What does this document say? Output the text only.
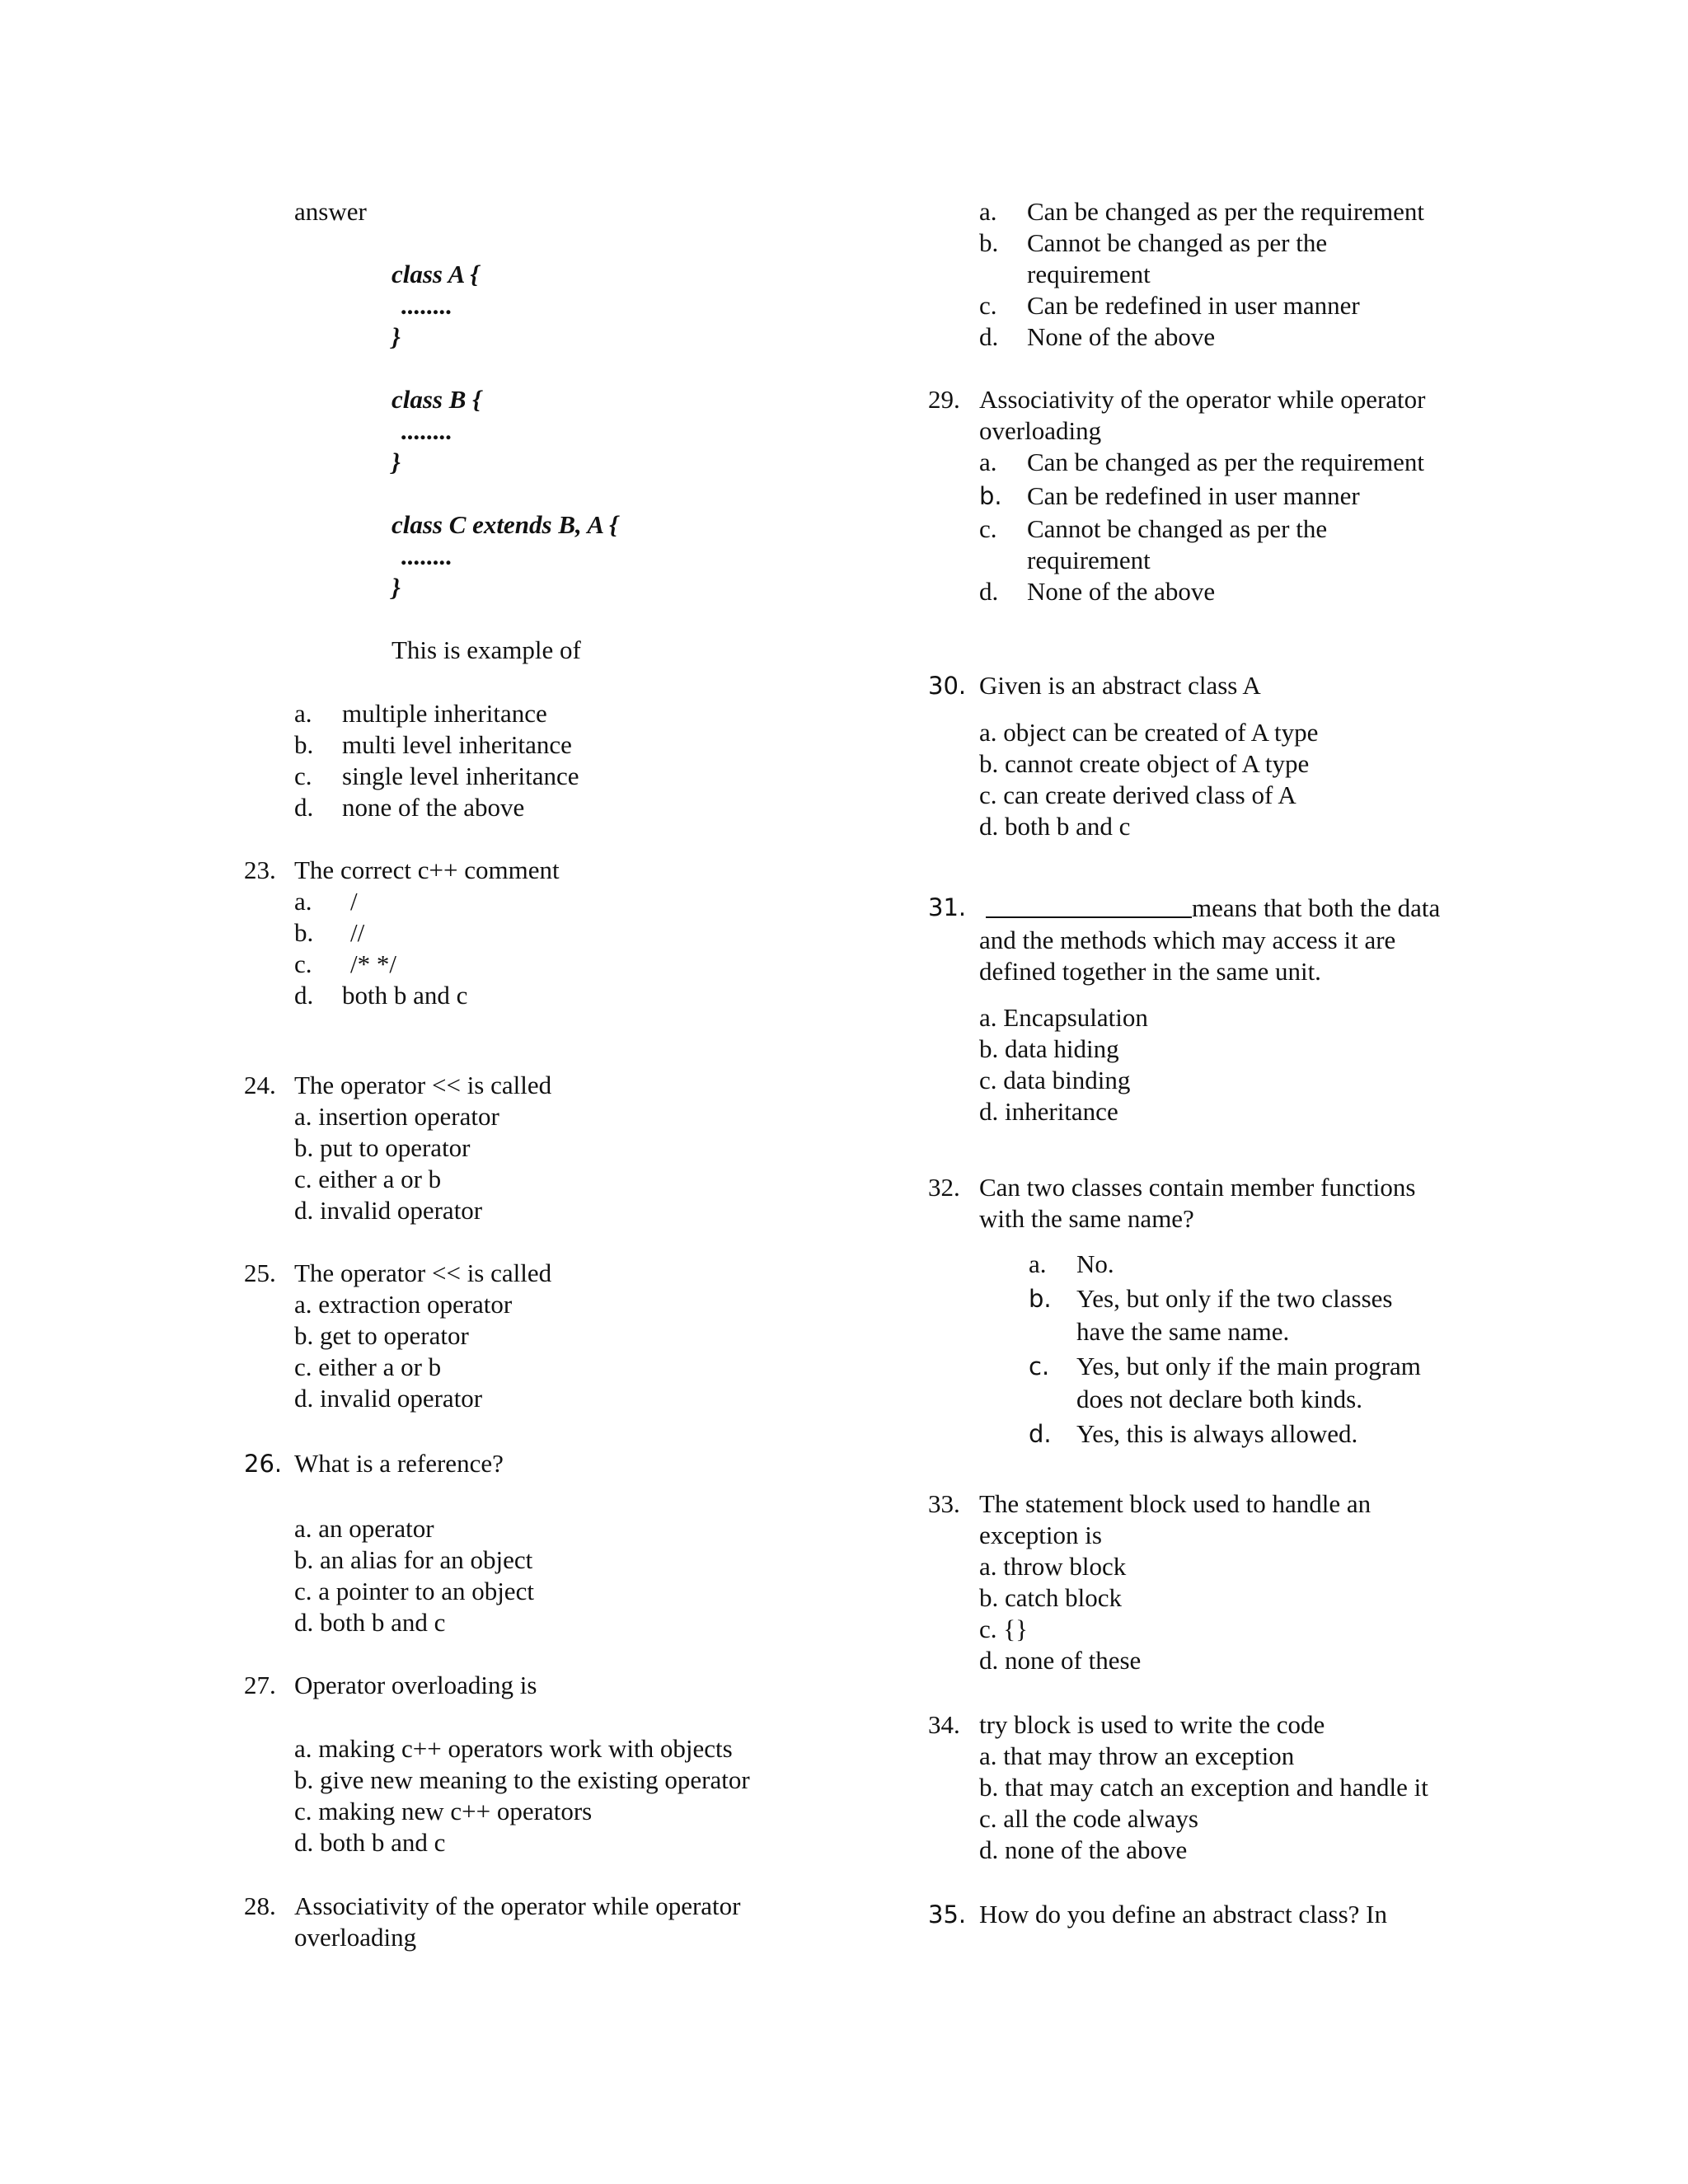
answer
class A {
........
}
class B {
........
}
class C extends B, A {
........
}
This is example of
a. multiple inheritance
b. multi level inheritance
c. single level inheritance
d. none of the above
23. The correct c++ comment
a. /
b. //
c. /* */
d. both b and c
24. The operator << is called
a. insertion operator
b. put to operator
c. either a or b
d. invalid operator
25. The operator << is called
a. extraction operator
b. get to operator
c. either a or b
d. invalid operator
26. What is a reference?
a. an operator
b. an alias for an object
c. a pointer to an object
d. both b and c
27. Operator overloading is
a. making c++ operators work with objects
b. give new meaning to the existing operator
c. making new c++ operators
d. both b and c
28. Associativity of the operator while operator
overloading
a. Can be changed as per the requirement
b. Cannot be changed as per the
requirement
c. Can be redefined in user manner
d. None of the above
29. Associativity of the operator while operator
overloading
a. Can be changed as per the requirement
b. Can be redefined in user manner
c. Cannot be changed as per the
requirement
d. None of the above
30. Given is an abstract class A
a. object can be created of A type
b. cannot create object of A type
c. can create derived class of A
d. both b and c
31.	means that both the data
and the methods which may access it are
defined together in the same unit.
a. Encapsulation
b. data hiding
c. data binding
d. inheritance
32. Can two classes contain member functions
with the same name?
a. No.
b. Yes, but only if the two classes
have the same name.
c. Yes, but only if the main program
does not declare both kinds.
d. Yes, this is always allowed.
33. The statement block used to handle an
exception is
a. throw block
b. catch block
c. {}
d. none of these
34. try block is used to write the code
a. that may throw an exception
b. that may catch an exception and handle it
c. all the code always
d. none of the above
35. How do you define an abstract class? In
